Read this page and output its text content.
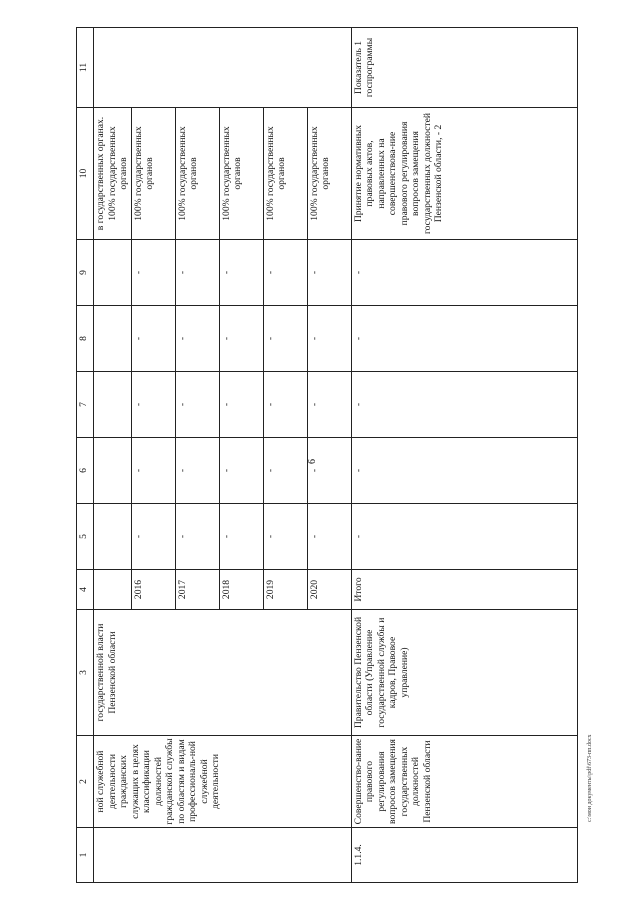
6
1	2	3	4	5	6	7	8	9	10	11
	ной служебной деятельности гражданских служащих в целях классификации должностей гражданской службы по областям и видам профессиональ-ной служебной деятельности	государственной власти Пензенской области							в государственных органах. 100% государственных органов	
			2016	-	-	-	-	-	100% государственных органов	
			2017	-	-	-	-	-	100% государственных органов	
			2018	-	-	-	-	-	100% государственных органов	
			2019	-	-	-	-	-	100% государственных органов	
			2020	-	-	-	-	-	100% государственных органов	
1.1.4.	Совершенство-вание правового регулирования вопросов замещения государственных должностей Пензенской области	Правительство Пензенской области (Управление государственной службы и кадров, Правовое управление)	Итого	-	-	-	-	-	Принятие нормативных правовых актов, направленных на совершенствова-ние правового регулирования вопросов замещения государственных должностей Пензенской области, - 2	Показатель 1 госпрограммы
c:\мои документы\pdf\673-пп.docx
